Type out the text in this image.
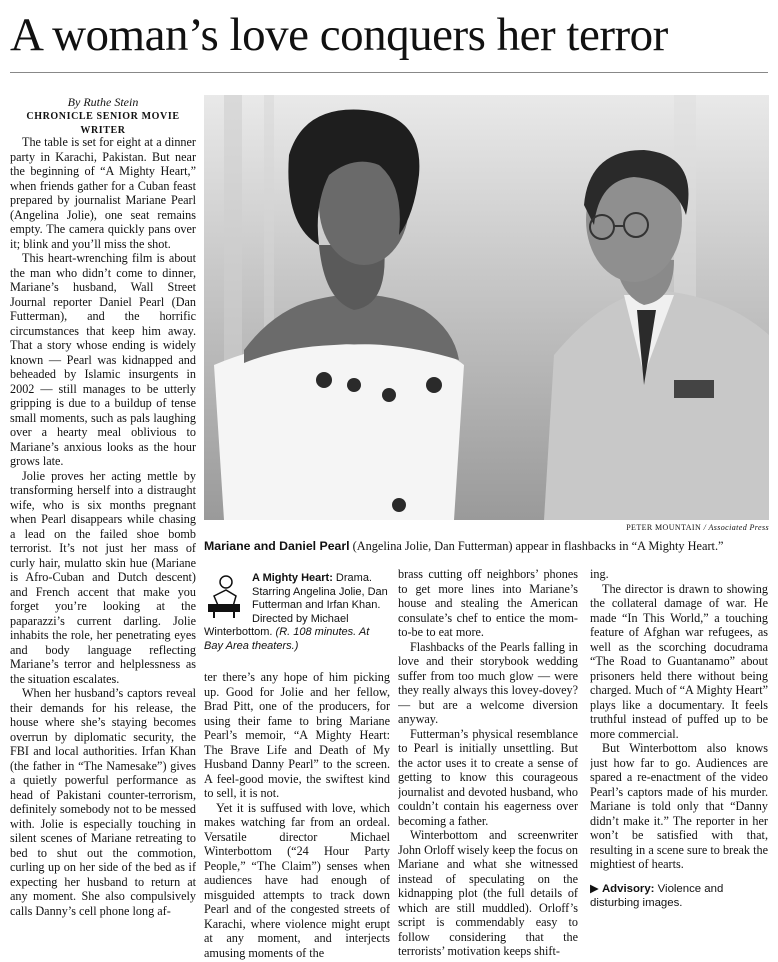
A woman’s love conquers her terror
By Ruthe Stein
CHRONICLE SENIOR MOVIE WRITER

The table is set for eight at a dinner party in Karachi, Pakistan. But near the beginning of “A Mighty Heart,” when friends gather for a Cuban feast prepared by journalist Mariane Pearl (Angelina Jolie), one seat remains empty. The camera quickly pans over it; blink and you’ll miss the shot.

This heart-wrenching film is about the man who didn’t come to dinner, Mariane’s husband, Wall Street Journal reporter Daniel Pearl (Dan Futterman), and the horrific circumstances that keep him away. That a story whose ending is widely known — Pearl was kidnapped and beheaded by Islamic insurgents in 2002 — still manages to be utterly gripping is due to a buildup of tense small moments, such as pals laughing over a hearty meal oblivious to Mariane’s anxious looks as the hour grows late.

Jolie proves her acting mettle by transforming herself into a distraught wife, who is six months pregnant when Pearl disappears while chasing a lead on the failed shoe bomb terrorist. It’s not just her mass of curly hair, mulatto skin hue (Mariane is Afro-Cuban and Dutch descent) and French accent that make you forget you’re looking at the paparazzi’s current darling. Jolie inhabits the role, her penetrating eyes and body language reflecting Mariane’s terror and helplessness as the situation escalates.

When her husband’s captors reveal their demands for his release, the house where she’s staying becomes overrun by diplomatic security, the FBI and local authorities. Irfan Khan (the father in “The Namesake”) gives a quietly powerful performance as head of Pakistani counter-terrorism, definitely somebody not to be messed with. Jolie is especially touching in silent scenes of Mariane retreating to bed to shut out the commotion, curling up on her side of the bed as if expecting her husband to return at any moment. She also compulsively calls Danny’s cell phone long af-

PETER MOUNTAIN / Associated Press
Mariane and Daniel Pearl (Angelina Jolie, Dan Futterman) appear in flashbacks in “A Mighty Heart.”
A Mighty Heart: Drama. Starring Angelina Jolie, Dan Futterman and Irfan Khan. Directed by Michael Winterbottom. (R. 108 minutes. At Bay Area theaters.)

ter there’s any hope of him picking up. Good for Jolie and her fellow, Brad Pitt, one of the producers, for using their fame to bring Mariane Pearl’s memoir, “A Mighty Heart: The Brave Life and Death of My Husband Danny Pearl” to the screen. A feel-good movie, the swiftest kind to sell, it is not.

Yet it is suffused with love, which makes watching far from an ordeal. Versatile director Michael Winterbottom (“24 Hour Party People,” “The Claim”) senses when audiences have had enough of misguided attempts to track down Pearl and of the congested streets of Karachi, where violence might erupt at any moment, and interjects amusing moments of the

brass cutting off neighbors’ phones to get more lines into Mariane’s house and stealing the American consulate’s chef to entice the mom-to-be to eat more.

Flashbacks of the Pearls falling in love and their storybook wedding suffer from too much glow — were they really always this lovey-dovey? — but are a welcome diversion anyway.

Futterman’s physical resemblance to Pearl is initially unsettling. But the actor uses it to create a sense of getting to know this courageous journalist and devoted husband, who couldn’t contain his eagerness over becoming a father.

Winterbottom and screenwriter John Orloff wisely keep the focus on Mariane and what she witnessed instead of speculating on the kidnapping plot (the full details of which are still muddled). Orloff’s script is commendably easy to follow considering that the terrorists’ motivation keeps shift-

ing.

The director is drawn to showing the collateral damage of war. He made “In This World,” a touching feature of Afghan war refugees, as well as the scorching docudrama “The Road to Guantanamo” about prisoners held there without being charged. Much of “A Mighty Heart” plays like a documentary. It feels truthful instead of puffed up to be more commercial.

But Winterbottom also knows just how far to go. Audiences are spared a re-enactment of the video Pearl’s captors made of his murder. Mariane is told only that “Danny didn’t make it.” The reporter in her won’t be satisfied with that, resulting in a scene sure to break the mightiest of hearts.

▶ Advisory: Violence and disturbing images.
